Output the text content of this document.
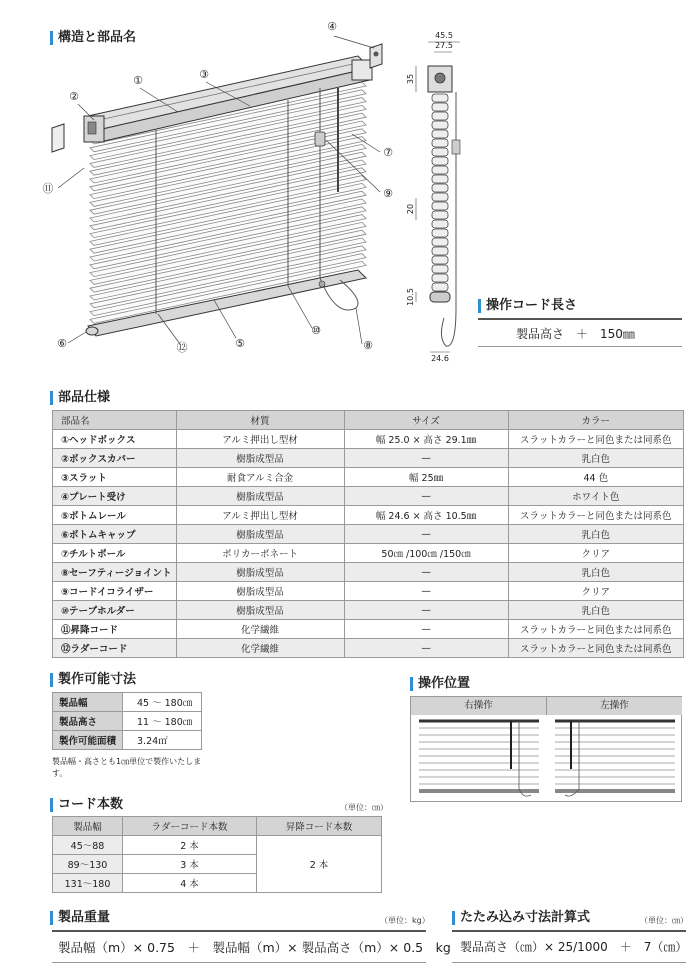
構造と部品名
①
②
③
④
⑤
⑥
⑦
⑧
⑨
⑩
⑪
⑫
45.5
27.5
24.6
35
20
10.5	操作コード長さ
製品高さ　＋　150㎜
部品仕様
部品名	材質	サイズ	カラー
①ヘッドボックス	アルミ押出し型材	幅 25.0 × 高さ 29.1㎜	スラットカラーと同色または同系色
②ボックスカバー	樹脂成型品	—	乳白色
③スラット	耐食アルミ合金	幅 25㎜	44 色
④プレート受け	樹脂成型品	—	ホワイト色
⑤ボトムレール	アルミ押出し型材	幅 24.6 × 高さ 10.5㎜	スラットカラーと同色または同系色
⑥ボトムキャップ	樹脂成型品	—	乳白色
⑦チルトポール	ポリカーボネート	50㎝ /100㎝ /150㎝	クリア
⑧セーフティージョイント	樹脂成型品	—	乳白色
⑨コードイコライザー	樹脂成型品	—	クリア
⑩テープホルダー	樹脂成型品	—	乳白色
⑪昇降コード	化学繊維	—	スラットカラーと同色または同系色
⑫ラダーコード	化学繊維	—	スラットカラーと同色または同系色
製作可能寸法
製品幅	45 〜 180㎝
製品高さ	11 〜 180㎝
製作可能面積	3.24㎡
製品幅・高さとも1㎝単位で製作いたします。
操作位置
右操作	左操作
コード本数	（単位：㎝）
製品幅	ラダーコード本数	昇降コード本数
45〜88	2 本	2 本
89〜130	3 本	
131〜180	4 本	
製品重量	（単位：kg）
製品幅（m）× 0.75　＋　製品幅（m）× 製品高さ（m）× 0.5　kg
たたみ込み寸法計算式	（単位：㎝）
製品高さ（㎝）× 25/1000　＋　7（㎝）
